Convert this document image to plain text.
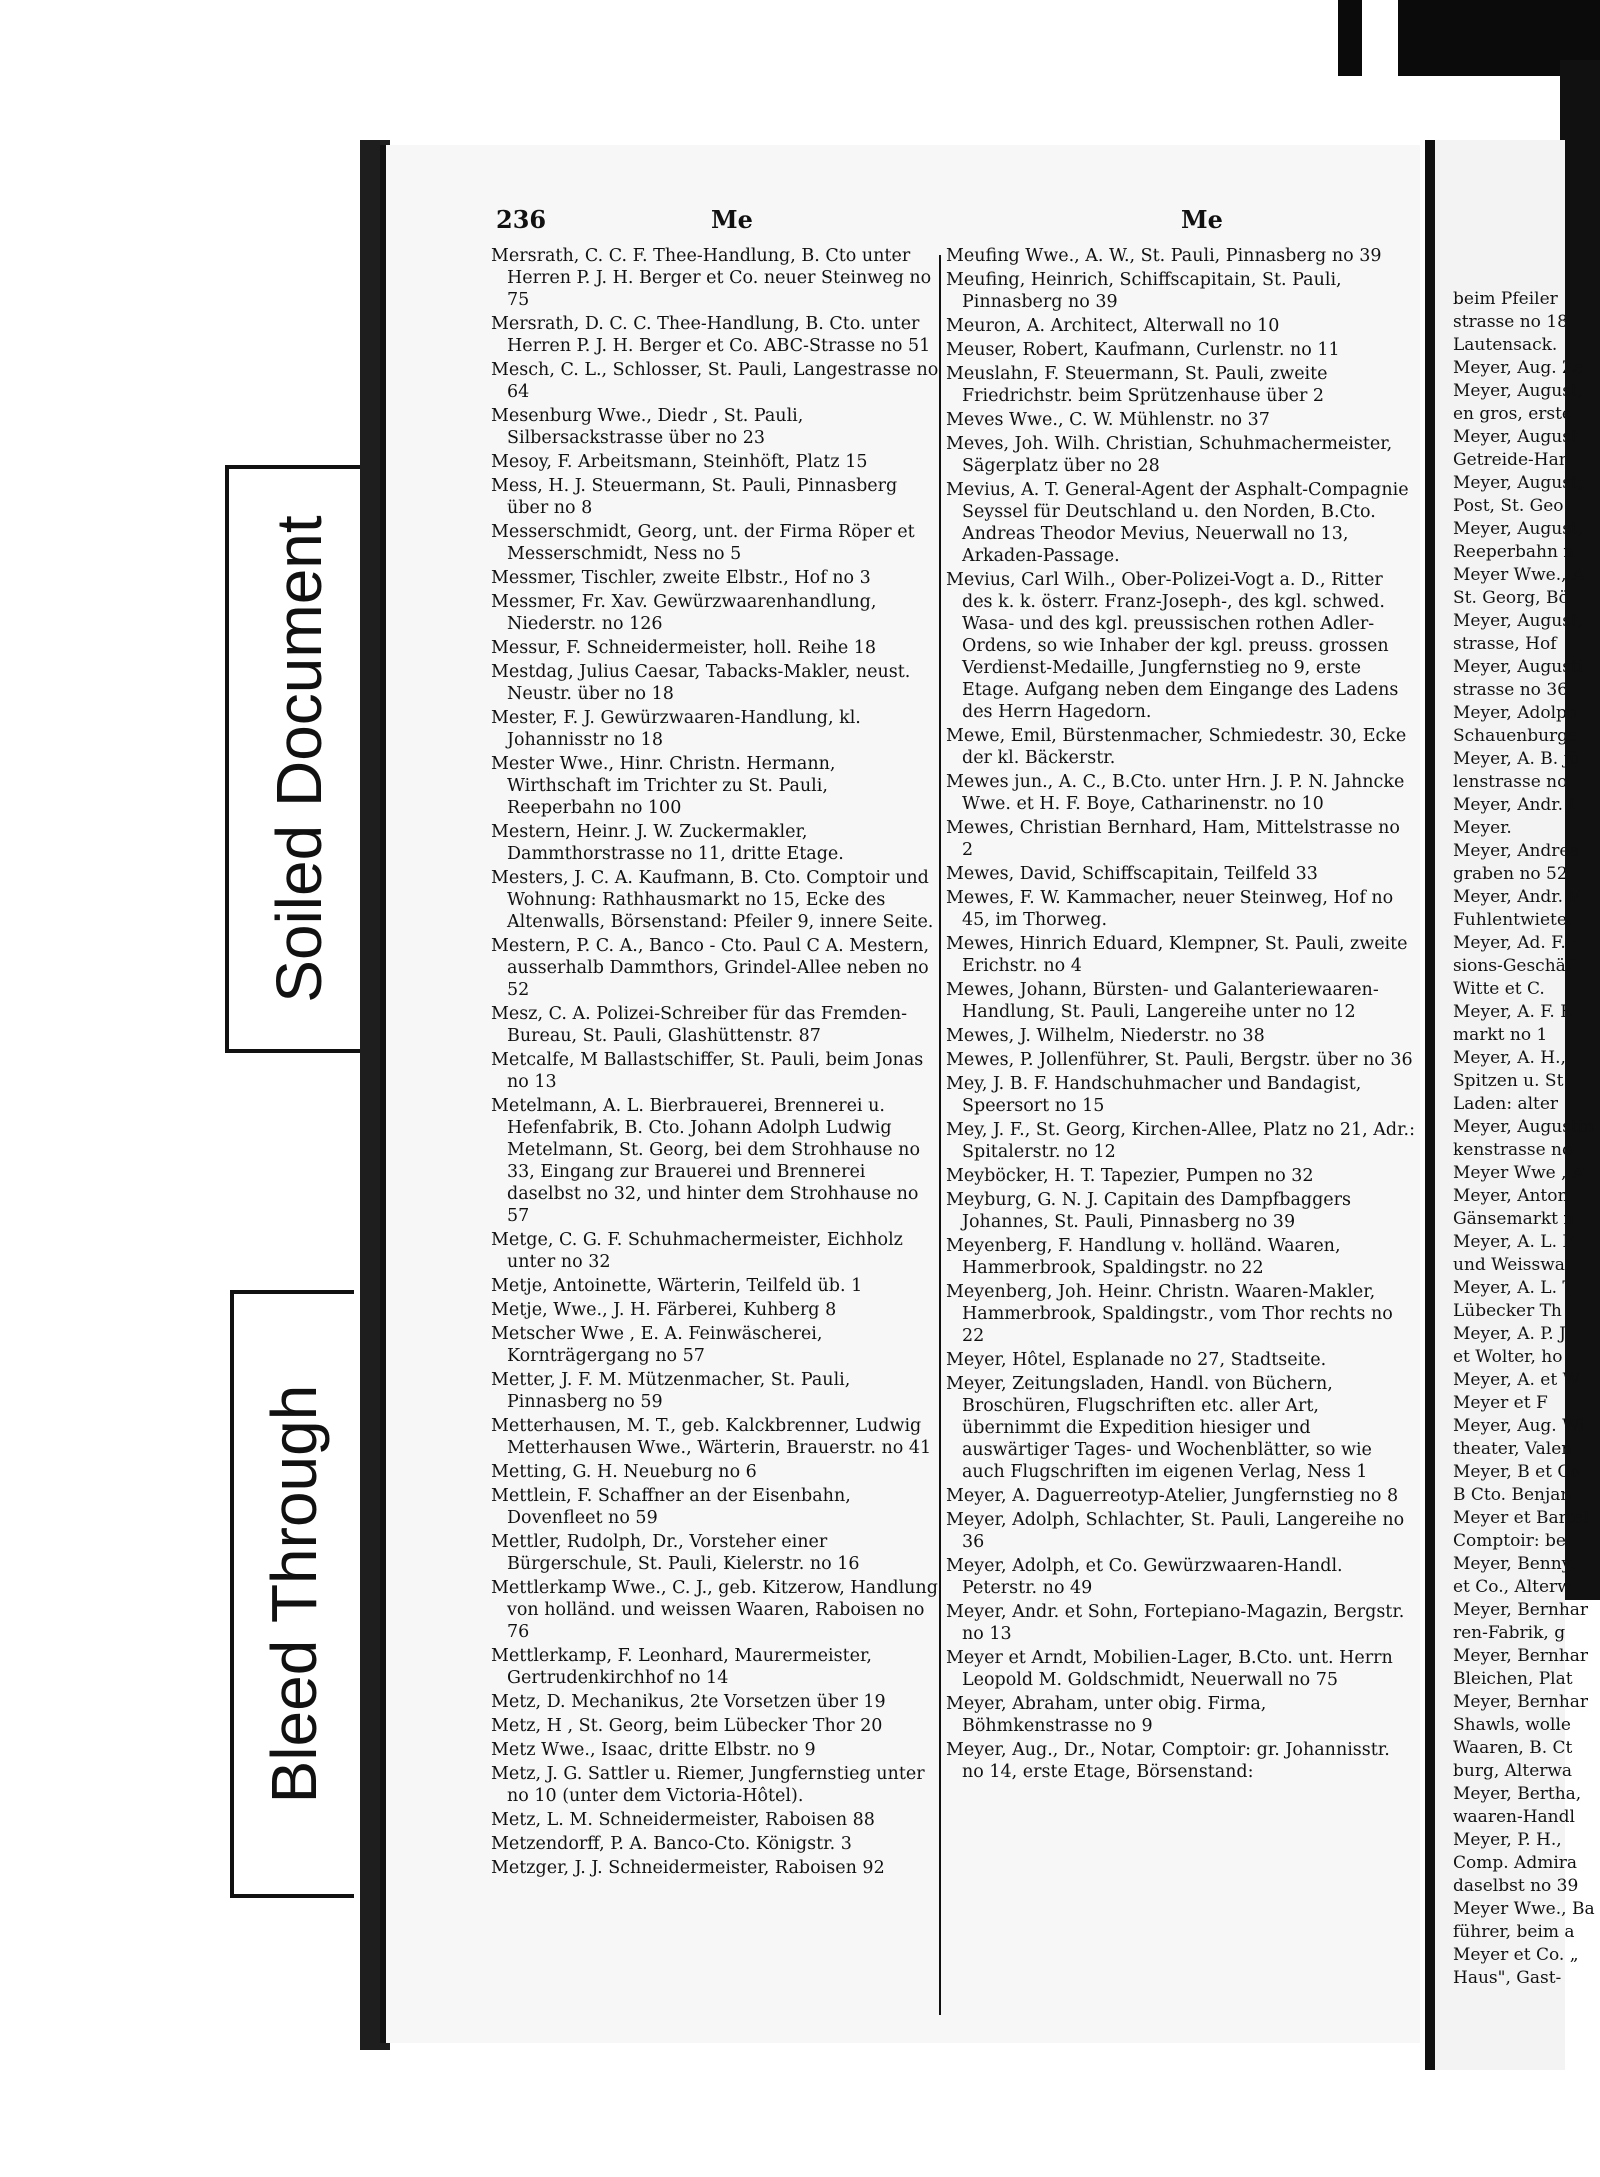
Soiled Document
Bleed Through
236	Me	Me
Mersrath, C. C. F. Thee-Handlung, B. Cto unter Herren P. J. H. Berger et Co. neuer Steinweg no 75
Mersrath, D. C. C. Thee-Handlung, B. Cto. unter Herren P. J. H. Berger et Co. ABC-Strasse no 51
Mesch, C. L., Schlosser, St. Pauli, Langestrasse no 64
Mesenburg Wwe., Diedr , St. Pauli, Silbersackstrasse über no 23
Mesoy, F. Arbeitsmann, Steinhöft, Platz 15
Mess, H. J. Steuermann, St. Pauli, Pinnasberg über no 8
Messerschmidt, Georg, unt. der Firma Röper et Messerschmidt, Ness no 5
Messmer, Tischler, zweite Elbstr., Hof no 3
Messmer, Fr. Xav. Gewürzwaarenhandlung, Niederstr. no 126
Messur, F. Schneidermeister, holl. Reihe 18
Mestdag, Julius Caesar, Tabacks-Makler, neust. Neustr. über no 18
Mester, F. J. Gewürzwaaren-Handlung, kl. Johannisstr no 18
Mester Wwe., Hinr. Christn. Hermann, Wirthschaft im Trichter zu St. Pauli, Reeperbahn no 100
Mestern, Heinr. J. W. Zuckermakler, Dammthorstrasse no 11, dritte Etage.
Mesters, J. C. A. Kaufmann, B. Cto. Comptoir und Wohnung: Rathhausmarkt no 15, Ecke des Altenwalls, Börsenstand: Pfeiler 9, innere Seite.
Mestern, P. C. A., Banco - Cto. Paul C A. Mestern, ausserhalb Dammthors, Grindel-Allee neben no 52
Mesz, C. A. Polizei-Schreiber für das Fremden-Bureau, St. Pauli, Glashüttenstr. 87
Metcalfe, M Ballastschiffer, St. Pauli, beim Jonas no 13
Metelmann, A. L. Bierbrauerei, Brennerei u. Hefenfabrik, B. Cto. Johann Adolph Ludwig Metelmann, St. Georg, bei dem Strohhause no 33, Eingang zur Brauerei und Brennerei daselbst no 32, und hinter dem Strohhause no 57
Metge, C. G. F. Schuhmachermeister, Eichholz unter no 32
Metje, Antoinette, Wärterin, Teilfeld üb. 1
Metje, Wwe., J. H. Färberei, Kuhberg 8
Metscher Wwe , E. A. Feinwäscherei, Kornträgergang no 57
Metter, J. F. M. Mützenmacher, St. Pauli, Pinnasberg no 59
Metterhausen, M. T., geb. Kalckbrenner, Ludwig Metterhausen Wwe., Wärterin, Brauerstr. no 41
Metting, G. H. Neueburg no 6
Mettlein, F. Schaffner an der Eisenbahn, Dovenfleet no 59
Mettler, Rudolph, Dr., Vorsteher einer Bürgerschule, St. Pauli, Kielerstr. no 16
Mettlerkamp Wwe., C. J., geb. Kitzerow, Handlung von holländ. und weissen Waaren, Raboisen no 76
Mettlerkamp, F. Leonhard, Maurermeister, Gertrudenkirchhof no 14
Metz, D. Mechanikus, 2te Vorsetzen über 19
Metz, H , St. Georg, beim Lübecker Thor 20
Metz Wwe., Isaac, dritte Elbstr. no 9
Metz, J. G. Sattler u. Riemer, Jungfernstieg unter no 10 (unter dem Victoria-Hôtel).
Metz, L. M. Schneidermeister, Raboisen 88
Metzendorff, P. A. Banco-Cto. Königstr. 3
Metzger, J. J. Schneidermeister, Raboisen 92
Meufing Wwe., A. W., St. Pauli, Pinnasberg no 39
Meufing, Heinrich, Schiffscapitain, St. Pauli, Pinnasberg no 39
Meuron, A. Architect, Alterwall no 10
Meuser, Robert, Kaufmann, Curlenstr. no 11
Meuslahn, F. Steuermann, St. Pauli, zweite Friedrichstr. beim Sprützenhause über 2
Meves Wwe., C. W. Mühlenstr. no 37
Meves, Joh. Wilh. Christian, Schuhmachermeister, Sägerplatz über no 28
Mevius, A. T. General-Agent der Asphalt-Compagnie Seyssel für Deutschland u. den Norden, B.Cto. Andreas Theodor Mevius, Neuerwall no 13, Arkaden-Passage.
Mevius, Carl Wilh., Ober-Polizei-Vogt a. D., Ritter des k. k. österr. Franz-Joseph-, des kgl. schwed. Wasa- und des kgl. preussischen rothen Adler-Ordens, so wie Inhaber der kgl. preuss. grossen Verdienst-Medaille, Jungfernstieg no 9, erste Etage. Aufgang neben dem Eingange des Ladens des Herrn Hagedorn.
Mewe, Emil, Bürstenmacher, Schmiedestr. 30, Ecke der kl. Bäckerstr.
Mewes jun., A. C., B.Cto. unter Hrn. J. P. N. Jahncke Wwe. et H. F. Boye, Catharinenstr. no 10
Mewes, Christian Bernhard, Ham, Mittelstrasse no 2
Mewes, David, Schiffscapitain, Teilfeld 33
Mewes, F. W. Kammacher, neuer Steinweg, Hof no 45, im Thorweg.
Mewes, Hinrich Eduard, Klempner, St. Pauli, zweite Erichstr. no 4
Mewes, Johann, Bürsten- und Galanteriewaaren-Handlung, St. Pauli, Langereihe unter no 12
Mewes, J. Wilhelm, Niederstr. no 38
Mewes, P. Jollenführer, St. Pauli, Bergstr. über no 36
Mey, J. B. F. Handschuhmacher und Bandagist, Speersort no 15
Mey, J. F., St. Georg, Kirchen-Allee, Platz no 21, Adr.: Spitalerstr. no 12
Meyböcker, H. T. Tapezier, Pumpen no 32
Meyburg, G. N. J. Capitain des Dampfbaggers Johannes, St. Pauli, Pinnasberg no 39
Meyenberg, F. Handlung v. holländ. Waaren, Hammerbrook, Spaldingstr. no 22
Meyenberg, Joh. Heinr. Christn. Waaren-Makler, Hammerbrook, Spaldingstr., vom Thor rechts no 22
Meyer, Hôtel, Esplanade no 27, Stadtseite.
Meyer, Zeitungsladen, Handl. von Büchern, Broschüren, Flugschriften etc. aller Art, übernimmt die Expedition hiesiger und auswärtiger Tages- und Wochenblätter, so wie auch Flugschriften im eigenen Verlag, Ness 1
Meyer, A. Daguerreotyp-Atelier, Jungfernstieg no 8
Meyer, Adolph, Schlachter, St. Pauli, Langereihe no 36
Meyer, Adolph, et Co. Gewürzwaaren-Handl. Peterstr. no 49
Meyer, Andr. et Sohn, Fortepiano-Magazin, Bergstr. no 13
Meyer et Arndt, Mobilien-Lager, B.Cto. unt. Herrn Leopold M. Goldschmidt, Neuerwall no 75
Meyer, Abraham, unter obig. Firma, Böhmkenstrasse no 9
Meyer, Aug., Dr., Notar, Comptoir: gr. Johannisstr. no 14, erste Etage, Börsenstand:
beim Pfeiler
strasse no 18
Lautensack.
Meyer, Aug. Ze
Meyer, August,
en gros, erste
Meyer, August
Getreide-Han
Meyer, August,
Post, St. Geo
Meyer, August,
Reeperbahn n
Meyer Wwe., A
St. Georg, Bö
Meyer, August,
strasse, Hof
Meyer, Augusti
strasse no 36
Meyer, Adolph
Schauenburge
Meyer, A. B. jü
lenstrasse no
Meyer, Andr. I
Meyer.
Meyer, Andrea
graben no 52
Meyer, Andr. F
Fuhlentwiete,
Meyer, Ad. F. ·
sions-Geschäf
Witte et C.
Meyer, A. F. E
markt no 1
Meyer, A. H.,
Spitzen u. St
Laden: alter
Meyer, Augustin
kenstrasse no
Meyer Wwe , A
Meyer, Anton
Gänsemarkt n
Meyer, A. L. F
und Weisswa
Meyer, A. L. T
Lübecker Th
Meyer, A. P. J
et Wolter, ho
Meyer, A. et W
Meyer et F
Meyer, Aug. Wi
theater, Valen
Meyer, B et Co
B Cto. Benjan
Meyer et Bartel
Comptoir: bei
Meyer, Benny,
et Co., Alterw
Meyer, Bernhar
ren-Fabrik, g
Meyer, Bernhar
Bleichen, Plat
Meyer, Bernhar
Shawls, wolle
Waaren, B. Ct
burg, Alterwa
Meyer, Bertha,
waaren-Handl
Meyer, P. H.,
Comp. Admira
daselbst no 39
Meyer Wwe., Ba
führer, beim a
Meyer et Co. „
Haus", Gast-
